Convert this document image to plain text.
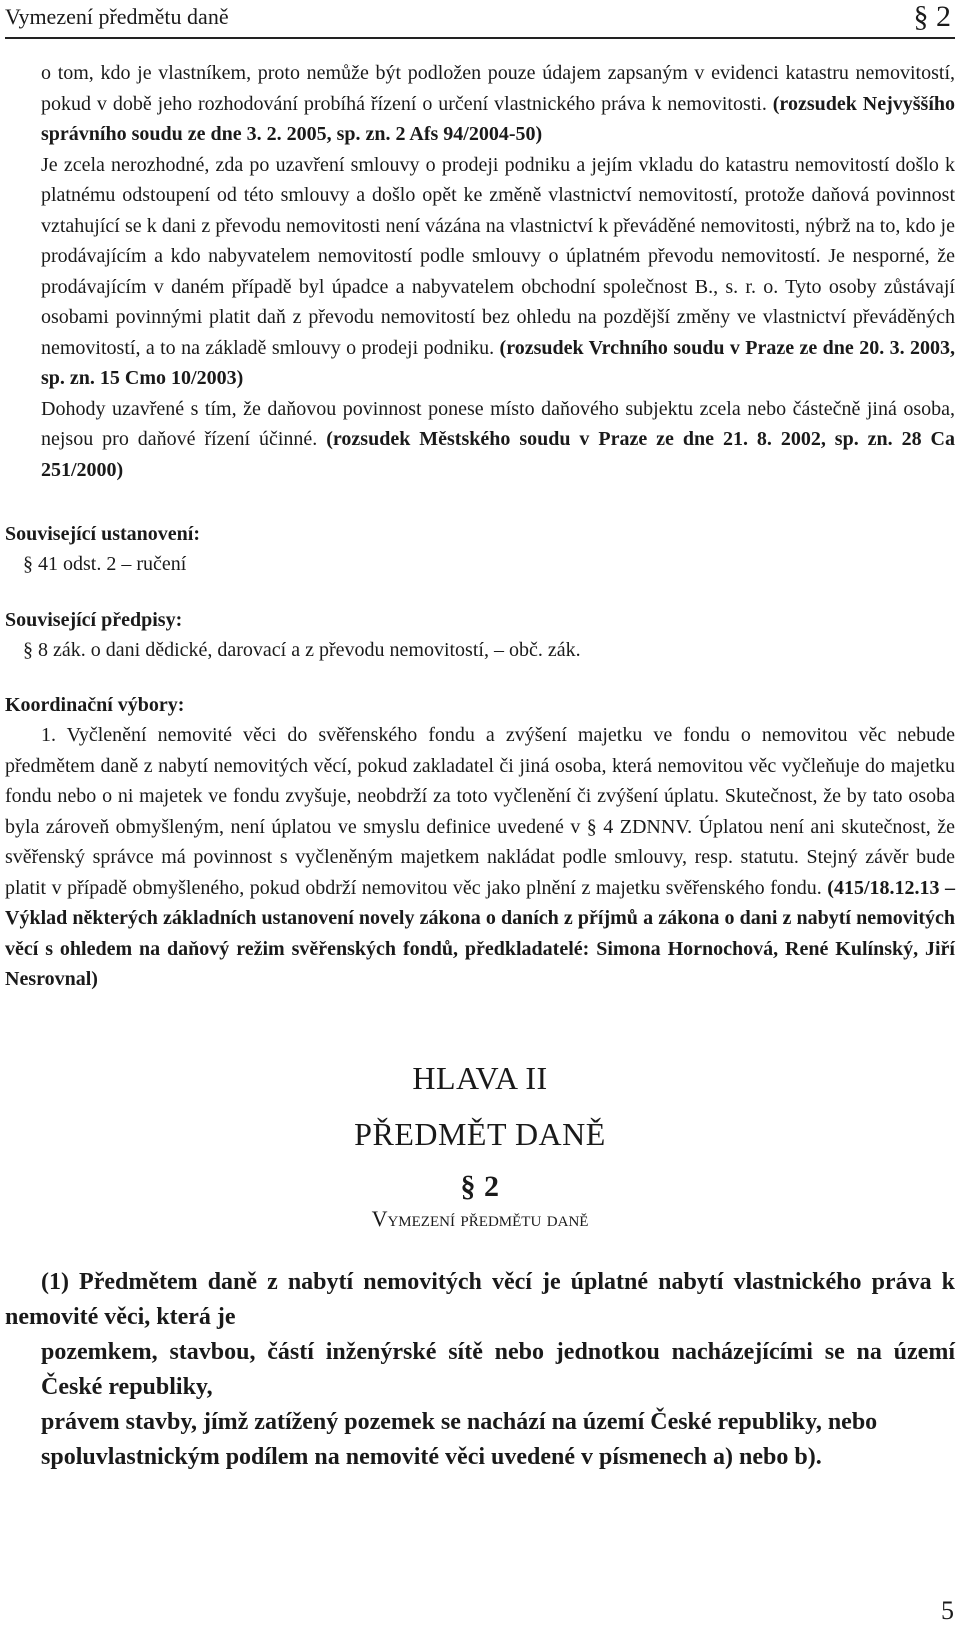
Vymezení předmětu daně	§ 2

o tom, kdo je vlastníkem, proto nemůže být podložen pouze údajem zapsaným v evidenci katastru nemovitostí, pokud v době jeho rozhodování probíhá řízení o určení vlastnického práva k nemovitosti. (rozsudek Nejvyššího správního soudu ze dne 3. 2. 2005, sp. zn. 2 Afs 94/2004-50)

Je zcela nerozhodné, zda po uzavření smlouvy o prodeji podniku a jejím vkladu do katastru nemovitostí došlo k platnému odstoupení od této smlouvy a došlo opět ke změně vlastnictví nemovitostí, protože daňová povinnost vztahující se k dani z převodu nemovitosti není vázána na vlastnictví k převáděné nemovitosti, nýbrž na to, kdo je prodávajícím a kdo nabyvatelem nemovitostí podle smlouvy o úplatném převodu nemovitostí. Je nesporné, že prodávajícím v daném případě byl úpadce a nabyvatelem obchodní společnost B., s. r. o. Tyto osoby zůstávají osobami povinnými platit daň z převodu nemovitostí bez ohledu na pozdější změny ve vlastnictví převáděných nemovitostí, a to na základě smlouvy o prodeji podniku. (rozsudek Vrchního soudu v Praze ze dne 20. 3. 2003, sp. zn. 15 Cmo 10/2003)

Dohody uzavřené s tím, že daňovou povinnost ponese místo daňového subjektu zcela nebo částečně jiná osoba, nejsou pro daňové řízení účinné. (rozsudek Městského soudu v Praze ze dne 21. 8. 2002, sp. zn. 28 Ca 251/2000)

Související ustanovení:
§ 41 odst. 2 – ručení
Související předpisy:
§ 8 zák. o dani dědické, darovací a z převodu nemovitostí, – obč. zák.
Koordinační výbory:

1. Vyčlenění nemovité věci do svěřenského fondu a zvýšení majetku ve fondu o nemovitou věc nebude předmětem daně z nabytí nemovitých věcí, pokud zakladatel či jiná osoba, která nemovitou věc vyčleňuje do majetku fondu nebo o ni majetek ve fondu zvyšuje, neobdrží za toto vyčlenění či zvýšení úplatu. Skutečnost, že by tato osoba byla zároveň obmyšleným, není úplatou ve smyslu definice uvedené v § 4 ZDNNV. Úplatou není ani skutečnost, že svěřenský správce má povinnost s vyčleněným majetkem nakládat podle smlouvy, resp. statutu. Stejný závěr bude platit v případě obmyšleného, pokud obdrží nemovitou věc jako plnění z majetku svěřenského fondu. (415/18.12.13 – Výklad některých základních ustanovení novely zákona o daních z příjmů a zákona o dani z nabytí nemovitých věcí s ohledem na daňový režim svěřenských fondů, předkladatelé: Simona Hornochová, René Kulínský, Jiří Nesrovnal)

HLAVA II
PŘEDMĚT DANĚ
§ 2
Vymezení předmětu daně
(1) Předmětem daně z nabytí nemovitých věcí je úplatné nabytí vlastnického práva k nemovité věci, která je
pozemkem, stavbou, částí inženýrské sítě nebo jednotkou nacházejícími se na území České republiky,
právem stavby, jímž zatížený pozemek se nachází na území České republiky, nebo
spoluvlastnickým podílem na nemovité věci uvedené v písmenech a) nebo b).
5
